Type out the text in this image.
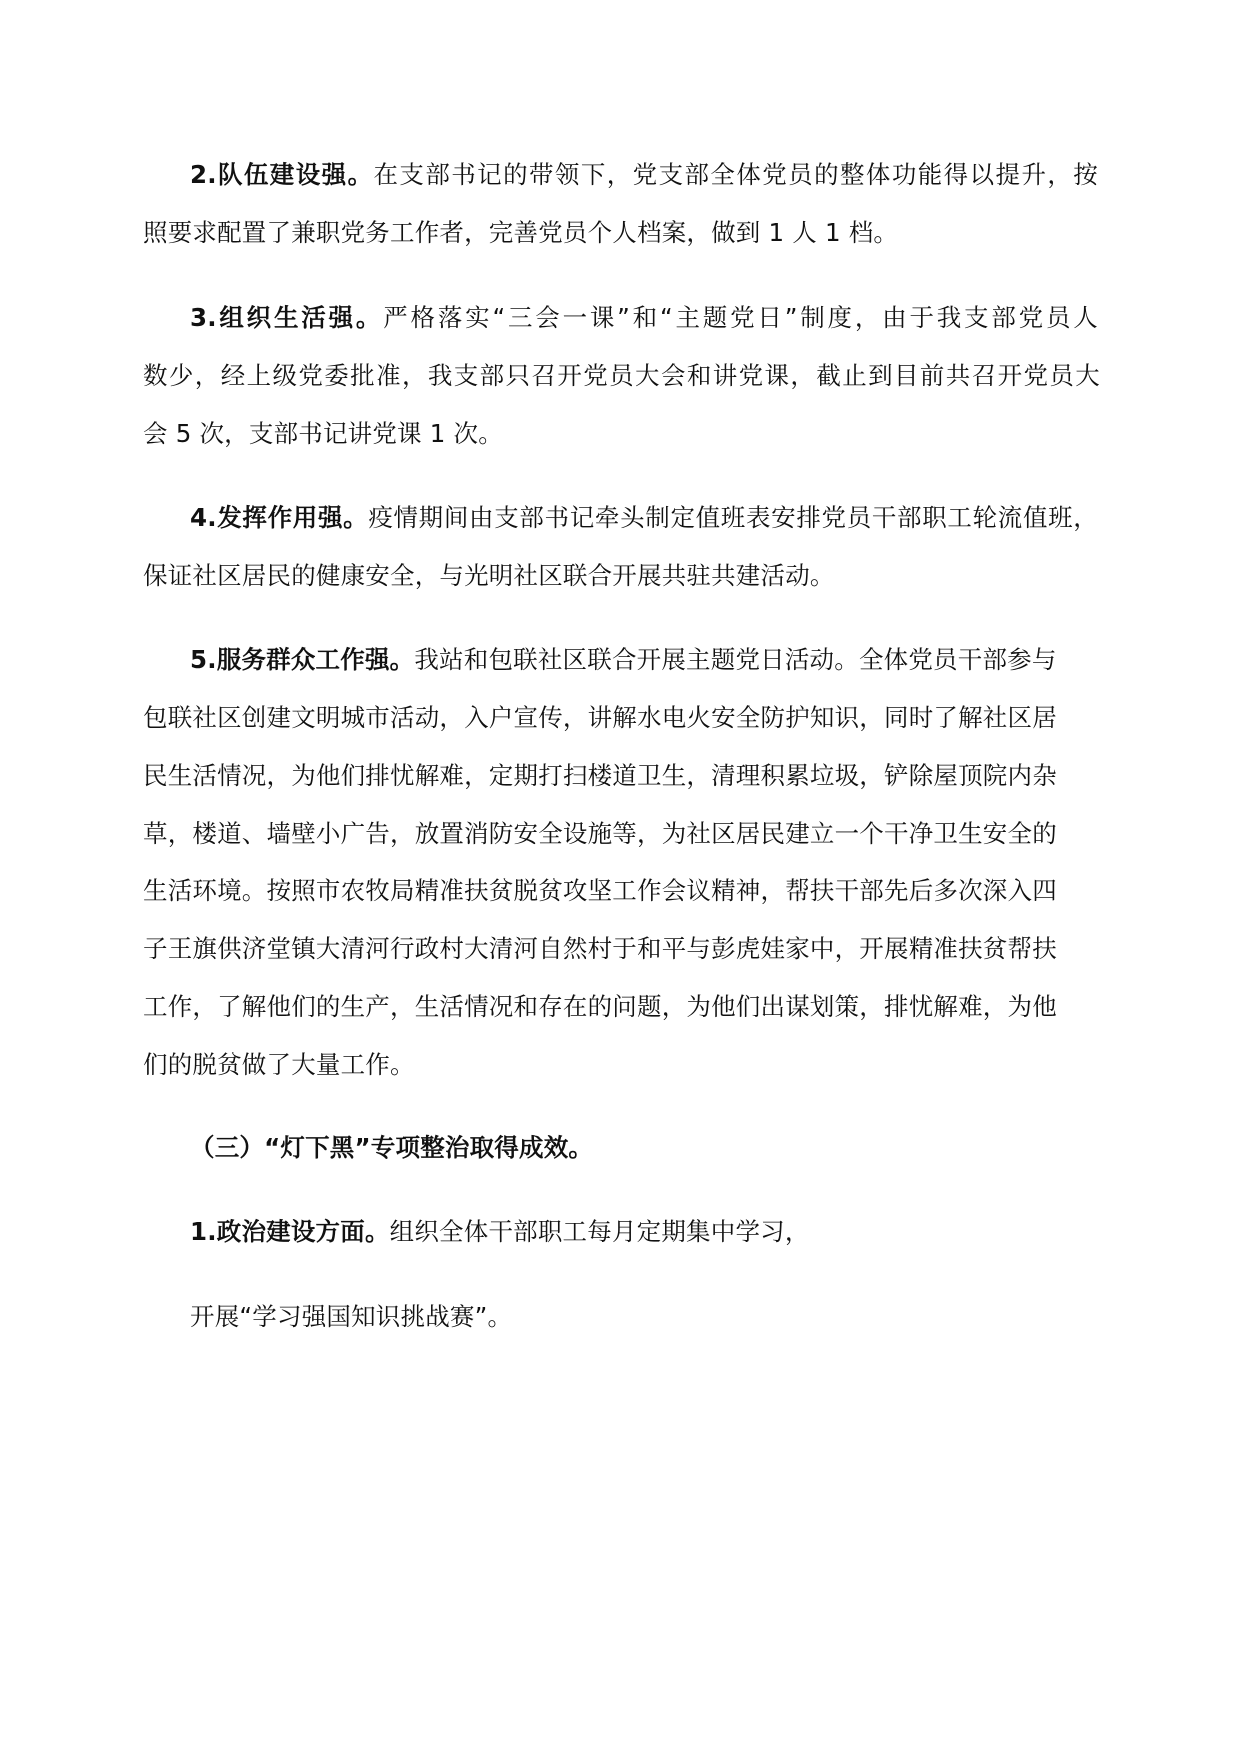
2.队伍建设强。在支部书记的带领下，党支部全体党员的整体功能得以提升，按
照要求配置了兼职党务工作者，完善党员个人档案，做到 1 人 1 档。
3.组织生活强。严格落实“三会一课”和“主题党日”制度，由于我支部党员人
数少，经上级党委批准，我支部只召开党员大会和讲党课，截止到目前共召开党员大
会 5 次，支部书记讲党课 1 次。
4.发挥作用强。疫情期间由支部书记牵头制定值班表安排党员干部职工轮流值班，
保证社区居民的健康安全，与光明社区联合开展共驻共建活动。
5.服务群众工作强。我站和包联社区联合开展主题党日活动。全体党员干部参与
包联社区创建文明城市活动，入户宣传，讲解水电火安全防护知识，同时了解社区居
民生活情况，为他们排忧解难，定期打扫楼道卫生，清理积累垃圾，铲除屋顶院内杂
草，楼道、墙壁小广告，放置消防安全设施等，为社区居民建立一个干净卫生安全的
生活环境。按照市农牧局精准扶贫脱贫攻坚工作会议精神，帮扶干部先后多次深入四
子王旗供济堂镇大清河行政村大清河自然村于和平与彭虎娃家中，开展精准扶贫帮扶
工作，了解他们的生产，生活情况和存在的问题，为他们出谋划策，排忧解难，为他
们的脱贫做了大量工作。
（三）“灯下黑”专项整治取得成效。
1.政治建设方面。组织全体干部职工每月定期集中学习，
开展“学习强国知识挑战赛”。
